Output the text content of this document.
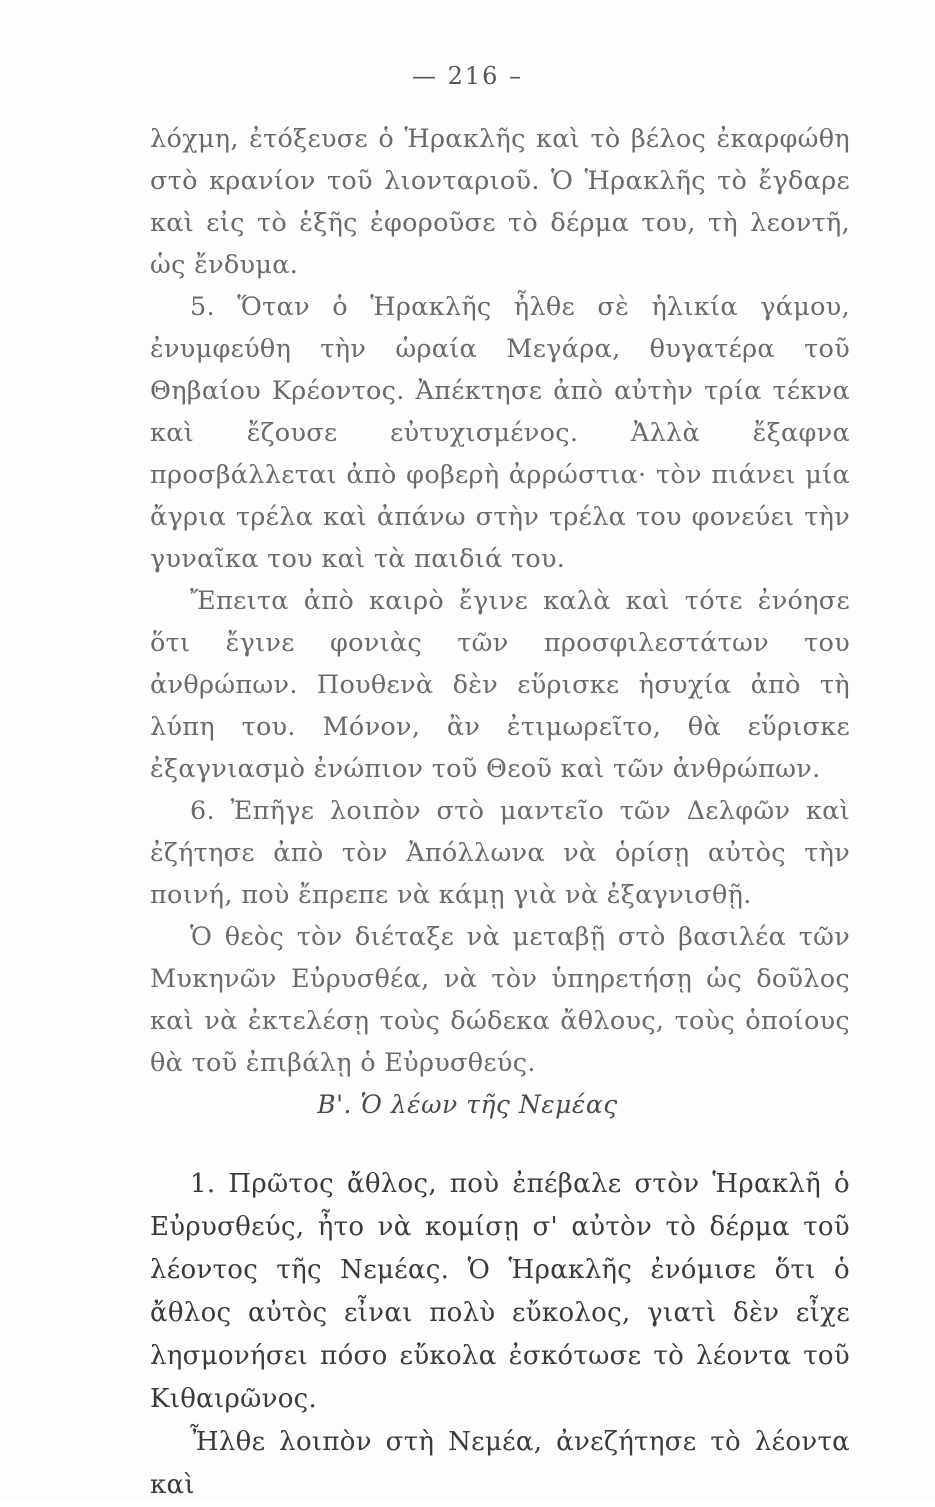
— 216 –

λόχμη, ἐτόξευσε ὁ Ἡρακλῆς καὶ τὸ βέλος ἐκαρφώθη στὸ κρανίον τοῦ λιονταριοῦ. Ὁ Ἡρακλῆς τὸ ἔγδαρε καὶ εἰς τὸ ἑξῆς ἐφοροῦσε τὸ δέρμα του, τὴ λεοντῆ, ὡς ἔνδυμα.

5. Ὅταν ὁ Ἡρακλῆς ἦλθε σὲ ἡλικία γάμου, ἐνυμφεύθη τὴν ὡραία Μεγάρα, θυγατέρα τοῦ Θηβαίου Κρέοντος. Ἀπέκτησε ἀπὸ αὐτὴν τρία τέκνα καὶ ἔζουσε εὐτυχισμένος. Ἀλλὰ ἔξαφνα προσβάλλεται ἀπὸ φοβερὴ ἀρρώστια· τὸν πιάνει μία ἄγρια τρέλα καὶ ἀπάνω στὴν τρέλα του φονεύει τὴν γυναῖκα του καὶ τὰ παιδιά του.

Ἔπειτα ἀπὸ καιρὸ ἔγινε καλὰ καὶ τότε ἐνόησε ὅτι ἔγινε φονιὰς τῶν προσφιλεστάτων του ἀνθρώπων. Πουθενὰ δὲν εὕρισκε ἡσυχία ἀπὸ τὴ λύπη του. Μόνον, ἂν ἐτιμωρεῖτο, θὰ εὕρισκε ἐξαγνιασμὸ ἐνώπιον τοῦ Θεοῦ καὶ τῶν ἀνθρώπων.

6. Ἐπῆγε λοιπὸν στὸ μαντεῖο τῶν Δελφῶν καὶ ἐζήτησε ἀπὸ τὸν Ἀπόλλωνα νὰ ὁρίσῃ αὐτὸς τὴν ποινή, ποὺ ἔπρεπε νὰ κάμῃ γιὰ νὰ ἐξαγνισθῇ.

Ὁ θεὸς τὸν διέταξε νὰ μεταβῇ στὸ βασιλέα τῶν Μυκηνῶν Εὐρυσθέα, νὰ τὸν ὑπηρετήσῃ ὡς δοῦλος καὶ νὰ ἐκτελέσῃ τοὺς δώδεκα ἄθλους, τοὺς ὁποίους θὰ τοῦ ἐπιβάλῃ ὁ Εὐρυσθεύς.

Β'. Ὁ λέων τῆς Νεμέας

1. Πρῶτος ἄθλος, ποὺ ἐπέβαλε στὸν Ἡρακλῆ ὁ Εὐρυσθεύς, ἦτο νὰ κομίσῃ σ' αὐτὸν τὸ δέρμα τοῦ λέοντος τῆς Νεμέας. Ὁ Ἡρακλῆς ἐνόμισε ὅτι ὁ ἄθλος αὐτὸς εἶναι πολὺ εὔκολος, γιατὶ δὲν εἶχε λησμονήσει πόσο εὔκολα ἐσκότωσε τὸ λέοντα τοῦ Κιθαιρῶνος.

Ἦλθε λοιπὸν στὴ Νεμέα, ἀνεζήτησε τὸ λέοντα καὶ
